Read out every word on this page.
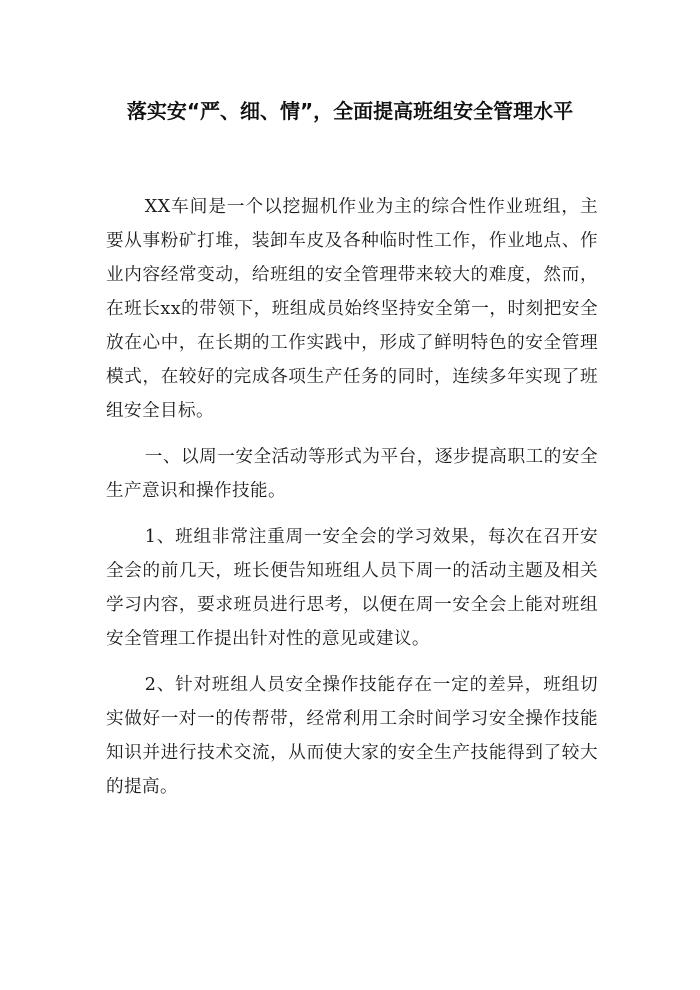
落实安“严、细、情”，全面提高班组安全管理水平

XX车间是一个以挖掘机作业为主的综合性作业班组，主要从事粉矿打堆，装卸车皮及各种临时性工作，作业地点、作业内容经常变动，给班组的安全管理带来较大的难度，然而，在班长xx的带领下，班组成员始终坚持安全第一，时刻把安全放在心中，在长期的工作实践中，形成了鲜明特色的安全管理模式，在较好的完成各项生产任务的同时，连续多年实现了班组安全目标。

一、以周一安全活动等形式为平台，逐步提高职工的安全生产意识和操作技能。

1、班组非常注重周一安全会的学习效果，每次在召开安全会的前几天，班长便告知班组人员下周一的活动主题及相关学习内容，要求班员进行思考，以便在周一安全会上能对班组安全管理工作提出针对性的意见或建议。

2、针对班组人员安全操作技能存在一定的差异，班组切实做好一对一的传帮带，经常利用工余时间学习安全操作技能知识并进行技术交流，从而使大家的安全生产技能得到了较大的提高。
